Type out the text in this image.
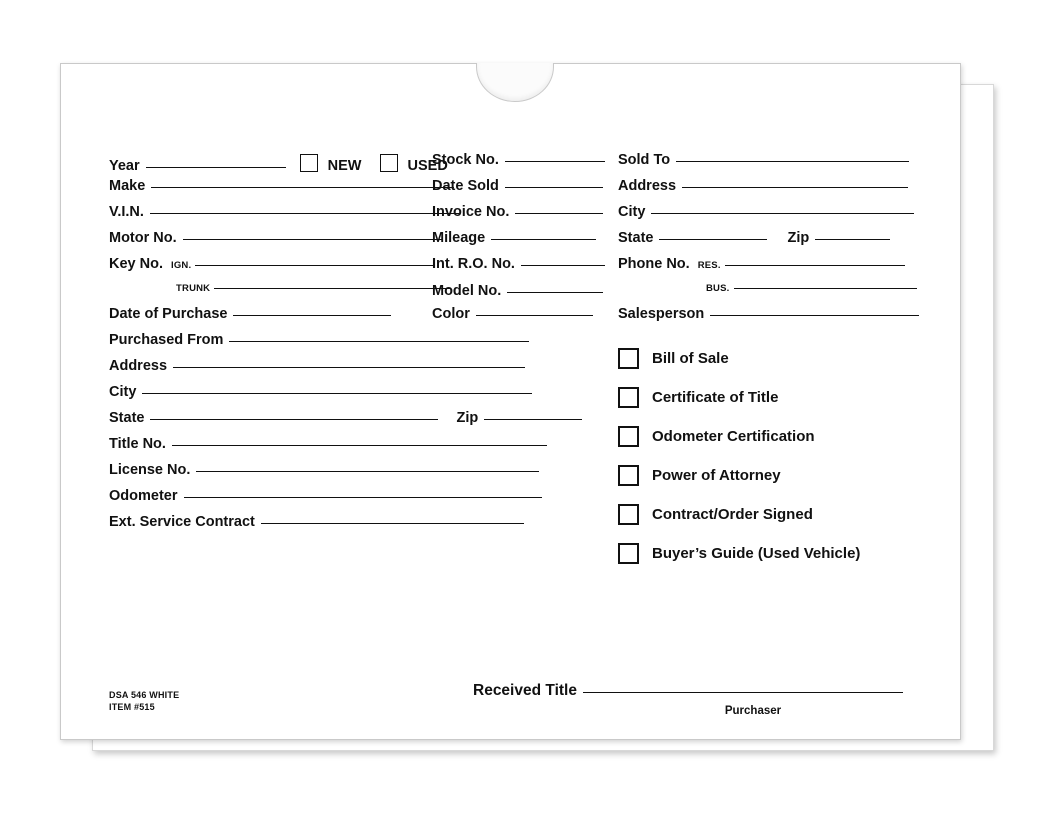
Year	NEW	USED
Make
V.I.N.
Motor No.
Key No. IGN.
TRUNK
Date of Purchase
Purchased From
Address
City
State	Zip
Title No.
License No.
Odometer
Ext. Service Contract
Stock No.
Date Sold
Invoice No.
Mileage
Int. R.O. No.
Model No.
Color
Sold To
Address
City
State	Zip
Phone No. RES.
BUS.
Salesperson
Bill of Sale
Certificate of Title
Odometer Certification
Power of Attorney
Contract/Order Signed
Buyer’s Guide (Used Vehicle)
DSA 546 WHITE
ITEM #515
Received Title
Purchaser
